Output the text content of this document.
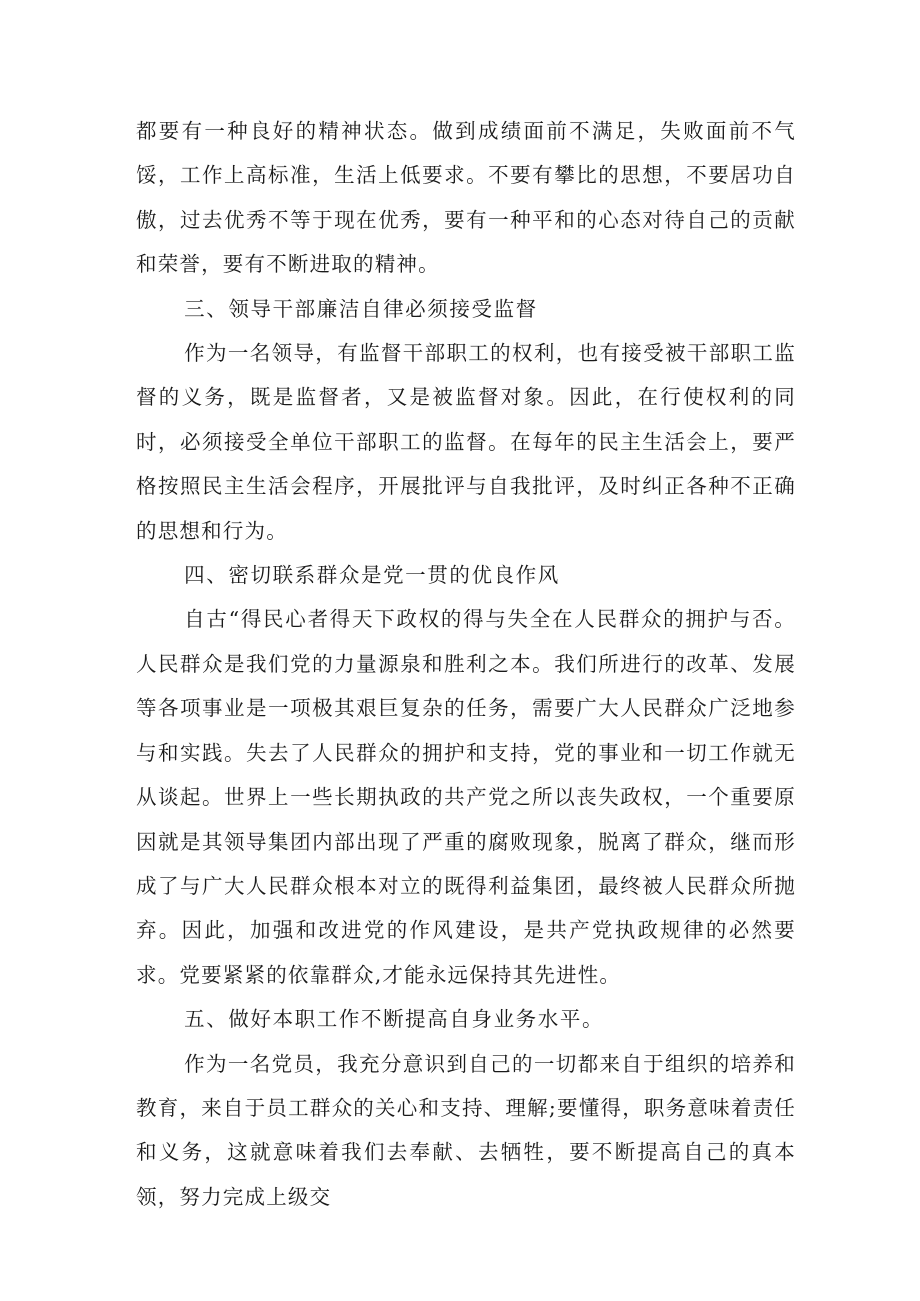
都要有一种良好的精神状态。做到成绩面前不满足，失败面前不气馁，工作上高标准，生活上低要求。不要有攀比的思想，不要居功自傲，过去优秀不等于现在优秀，要有一种平和的心态对待自己的贡献和荣誉，要有不断进取的精神。

三、领导干部廉洁自律必须接受监督

作为一名领导，有监督干部职工的权利，也有接受被干部职工监督的义务，既是监督者，又是被监督对象。因此，在行使权利的同时，必须接受全单位干部职工的监督。在每年的民主生活会上，要严格按照民主生活会程序，开展批评与自我批评，及时纠正各种不正确的思想和行为。

四、密切联系群众是党一贯的优良作风

自古“得民心者得天下政权的得与失全在人民群众的拥护与否。人民群众是我们党的力量源泉和胜利之本。我们所进行的改革、发展等各项事业是一项极其艰巨复杂的任务，需要广大人民群众广泛地参与和实践。失去了人民群众的拥护和支持，党的事业和一切工作就无从谈起。世界上一些长期执政的共产党之所以丧失政权，一个重要原因就是其领导集团内部出现了严重的腐败现象，脱离了群众，继而形成了与广大人民群众根本对立的既得利益集团，最终被人民群众所抛弃。因此，加强和改进党的作风建设，是共产党执政规律的必然要求。党要紧紧的依靠群众,才能永远保持其先进性。

五、做好本职工作不断提高自身业务水平。

作为一名党员，我充分意识到自己的一切都来自于组织的培养和教育，来自于员工群众的关心和支持、理解;要懂得，职务意味着责任和义务，这就意味着我们去奉献、去牺牲，要不断提高自己的真本领，努力完成上级交
